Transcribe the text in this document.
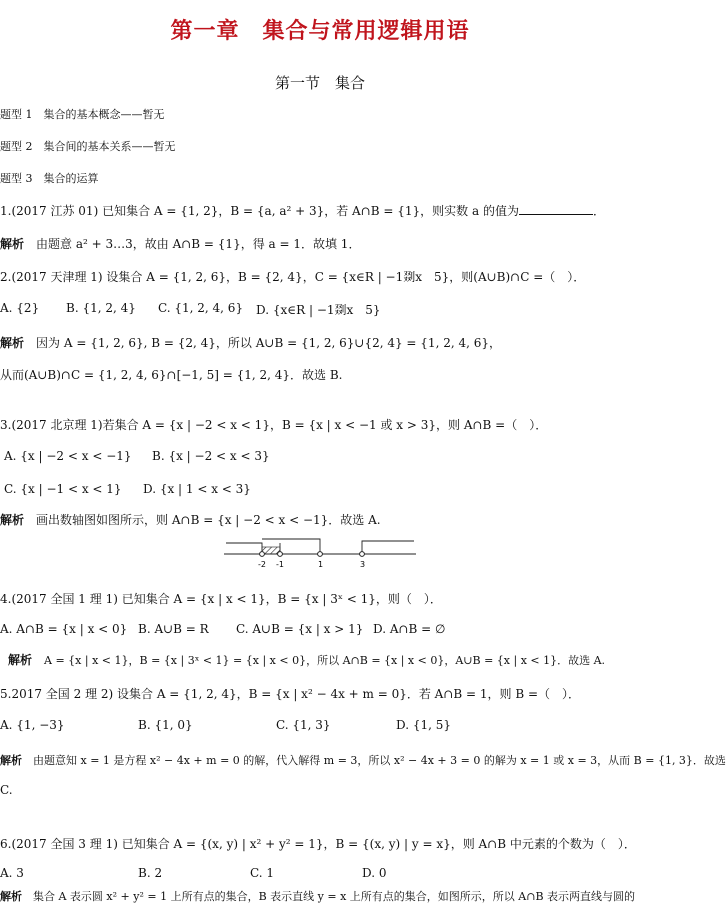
第一章　集合与常用逻辑用语
第一节　集合
题型 1　集合的基本概念——暂无
题型 2　集合间的基本关系——暂无
题型 3　集合的运算
1.(2017 江苏 01) 已知集合 A = {1, 2}，B = {a, a² + 3}，若 A∩B = {1}，则实数 a 的值为	．
解析　 由题意 a² + 3…3，故由 A∩B = {1}，得 a = 1．故填 1．
2.(2017 天津理 1) 设集合 A = {1, 2, 6}，B = {2, 4}，C = {x∈R | −1剟x　5}，则(A∪B)∩C =（　）．
A. {2} B. {1, 2, 4} C. {1, 2, 4, 6} D. {x∈R | −1剟x　5}
解析　 因为 A = {1, 2, 6}, B = {2, 4}，所以 A∪B = {1, 2, 6}∪{2, 4} = {1, 2, 4, 6}，
从而(A∪B)∩C = {1, 2, 4, 6}∩[−1, 5] = {1, 2, 4}．故选 B.
3.(2017 北京理 1)若集合 A = {x | −2 < x < 1}，B = {x | x < −1 或 x > 3}，则 A∩B =（　）．
A. {x | −2 < x < −1} B. {x | −2 < x < 3}
C. {x | −1 < x < 1} D. {x | 1 < x < 3}
解析　 画出数轴图如图所示，则 A∩B = {x | −2 < x < −1}．故选 A.
-2 -1	1	3
4.(2017 全国 1 理 1) 已知集合 A = {x | x < 1}，B = {x | 3ˣ < 1}，则（　）．
A. A∩B = {x | x < 0} B. A∪B = R C. A∪B = {x | x > 1} D. A∩B = ∅
解析　 A = {x | x < 1}，B = {x | 3ˣ < 1} = {x | x < 0}，所以 A∩B = {x | x < 0}，A∪B = {x | x < 1}．故选 A.
5.2017 全国 2 理 2) 设集合 A = {1, 2, 4}，B = {x | x² − 4x + m = 0}．若 A∩B = 1，则 B =（　）．
A. {1, −3}	B. {1, 0}	C. {1, 3}	D. {1, 5}
解析　 由题意知 x = 1 是方程 x² − 4x + m = 0 的解，代入解得 m = 3，所以 x² − 4x + 3 = 0 的解为 x = 1 或 x = 3，从而 B = {1, 3}．故选
C.
6.(2017 全国 3 理 1) 已知集合 A = {(x, y) | x² + y² = 1}，B = {(x, y) | y = x}，则 A∩B 中元素的个数为（　）．
A. 3	B. 2	C. 1	D. 0
解析　 集合 A 表示圆 x² + y² = 1 上所有点的集合，B 表示直线 y = x 上所有点的集合，如图所示，所以 A∩B 表示两直线与圆的
